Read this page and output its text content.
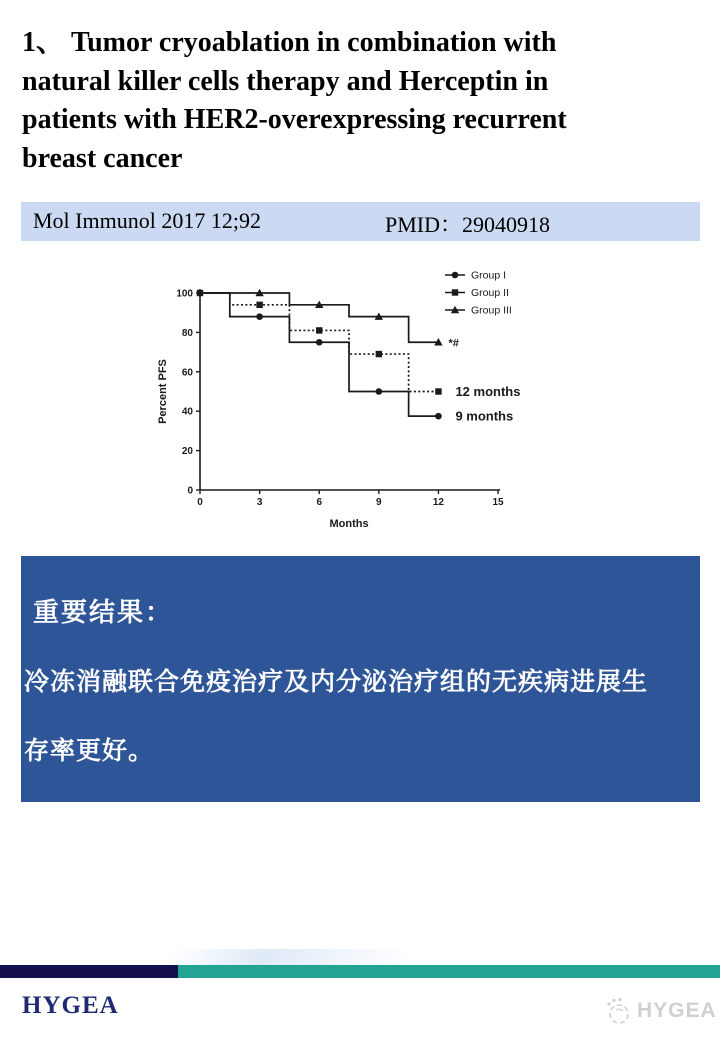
1、 Tumor cryoablation in combination with
natural killer cells therapy and Herceptin in
patients with HER2-overexpressing recurrent
breast cancer
Mol Immunol 2017 12;92	PMID：29040918
0	3	6	9	12	15
0
20
40
60
80
100
Months
Percent PFS	9 months
Group I
12 months
Group II
*#
Group III
重要结果：
冷冻消融联合免疫治疗及内分泌治疗组的无疾病进展生
存率更好。
HYGEA	HYGEA
